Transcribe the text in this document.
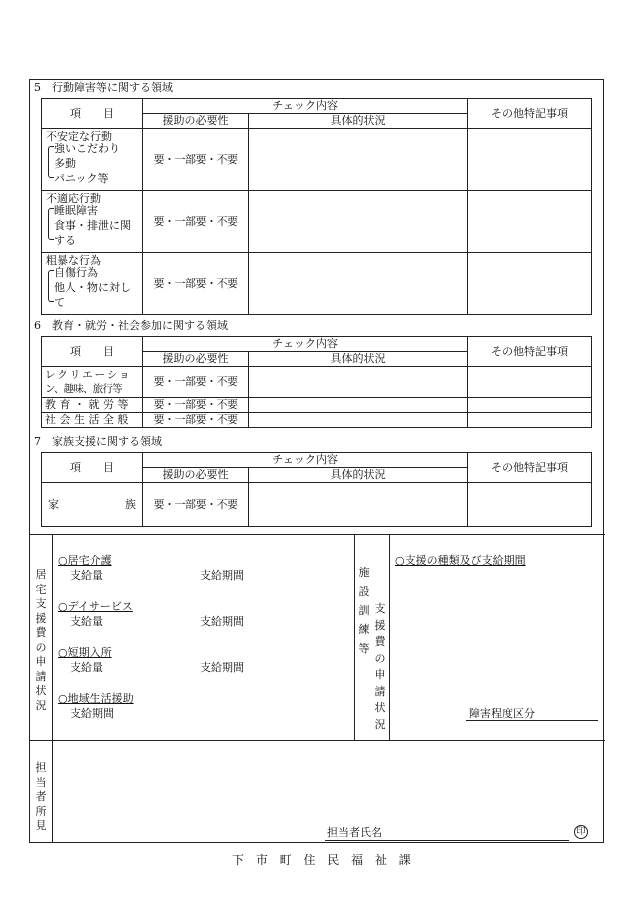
5　行動障害等に関する領域
項　　目	チェック内容		その他特記事項
	援助の必要性	具体的状況	

不安定な行動
強いこだわり
多動
パニック等	要・一部要・不要		

不適応行動
睡眠障害
食事・排泄に関
する	要・一部要・不要		

粗暴な行為
自傷行為
他人・物に対し
て	要・一部要・不要		
6　教育・就労・社会参加に関する領域
項　　目	チェック内容		その他特記事項
	援助の必要性	具体的状況	

レクリエーショ
ン、趣味、旅行等	要・一部要・不要		
教育・就労等	要・一部要・不要		
社会生活全般	要・一部要・不要		
7　家族支援に関する領域
項　　目	チェック内容		その他特記事項
	援助の必要性	具体的状況	

家 族	要・一部要・不要		
居宅支援費の申請状況
○居宅介護
支給量	支給期間
○デイサービス
支給量	支給期間
○短期入所
支給量	支給期間
○地域生活援助
支給期間
施設訓練等
支援費の申請状況
○支援の種類及び支給期間
障害程度区分
担当者所見
担当者氏名	印
下 市 町 住 民 福 祉 課
